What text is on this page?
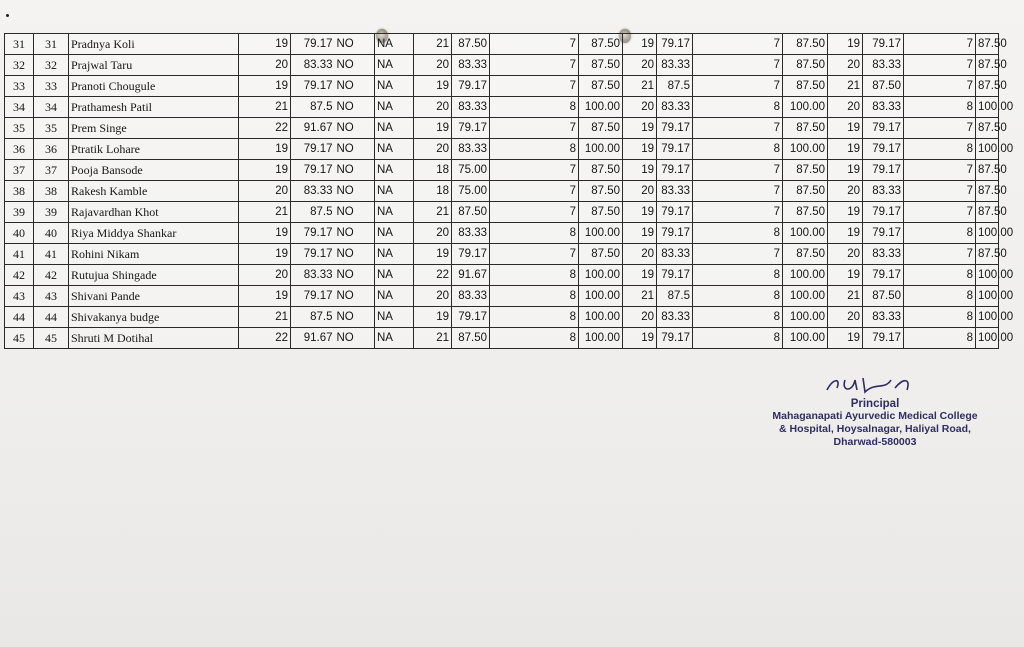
31	31	Pradnya Koli	19	79.17	NO	NA	21	87.50	7	87.50	19	79.17	7	87.50	19	79.17	7	87.50
32	32	Prajwal Taru	20	83.33	NO	NA	20	83.33	7	87.50	20	83.33	7	87.50	20	83.33	7	87.50
33	33	Pranoti Chougule	19	79.17	NO	NA	19	79.17	7	87.50	21	87.5	7	87.50	21	87.50	7	87.50
34	34	Prathamesh Patil	21	87.5	NO	NA	20	83.33	8	100.00	20	83.33	8	100.00	20	83.33	8	100.00
35	35	Prem Singe	22	91.67	NO	NA	19	79.17	7	87.50	19	79.17	7	87.50	19	79.17	7	87.50
36	36	Ptratik Lohare	19	79.17	NO	NA	20	83.33	8	100.00	19	79.17	8	100.00	19	79.17	8	100.00
37	37	Pooja Bansode	19	79.17	NO	NA	18	75.00	7	87.50	19	79.17	7	87.50	19	79.17	7	87.50
38	38	Rakesh Kamble	20	83.33	NO	NA	18	75.00	7	87.50	20	83.33	7	87.50	20	83.33	7	87.50
39	39	Rajavardhan Khot	21	87.5	NO	NA	21	87.50	7	87.50	19	79.17	7	87.50	19	79.17	7	87.50
40	40	Riya Middya Shankar	19	79.17	NO	NA	20	83.33	8	100.00	19	79.17	8	100.00	19	79.17	8	100.00
41	41	Rohini Nikam	19	79.17	NO	NA	19	79.17	7	87.50	20	83.33	7	87.50	20	83.33	7	87.50
42	42	Rutujua Shingade	20	83.33	NO	NA	22	91.67	8	100.00	19	79.17	8	100.00	19	79.17	8	100.00
43	43	Shivani Pande	19	79.17	NO	NA	20	83.33	8	100.00	21	87.5	8	100.00	21	87.50	8	100.00
44	44	Shivakanya budge	21	87.5	NO	NA	19	79.17	8	100.00	20	83.33	8	100.00	20	83.33	8	100.00
45	45	Shruti M Dotihal	22	91.67	NO	NA	21	87.50	8	100.00	19	79.17	8	100.00	19	79.17	8	100.00
Principal
Mahaganapati Ayurvedic Medical College
& Hospital, Hoysalnagar, Haliyal Road,
Dharwad-580003
